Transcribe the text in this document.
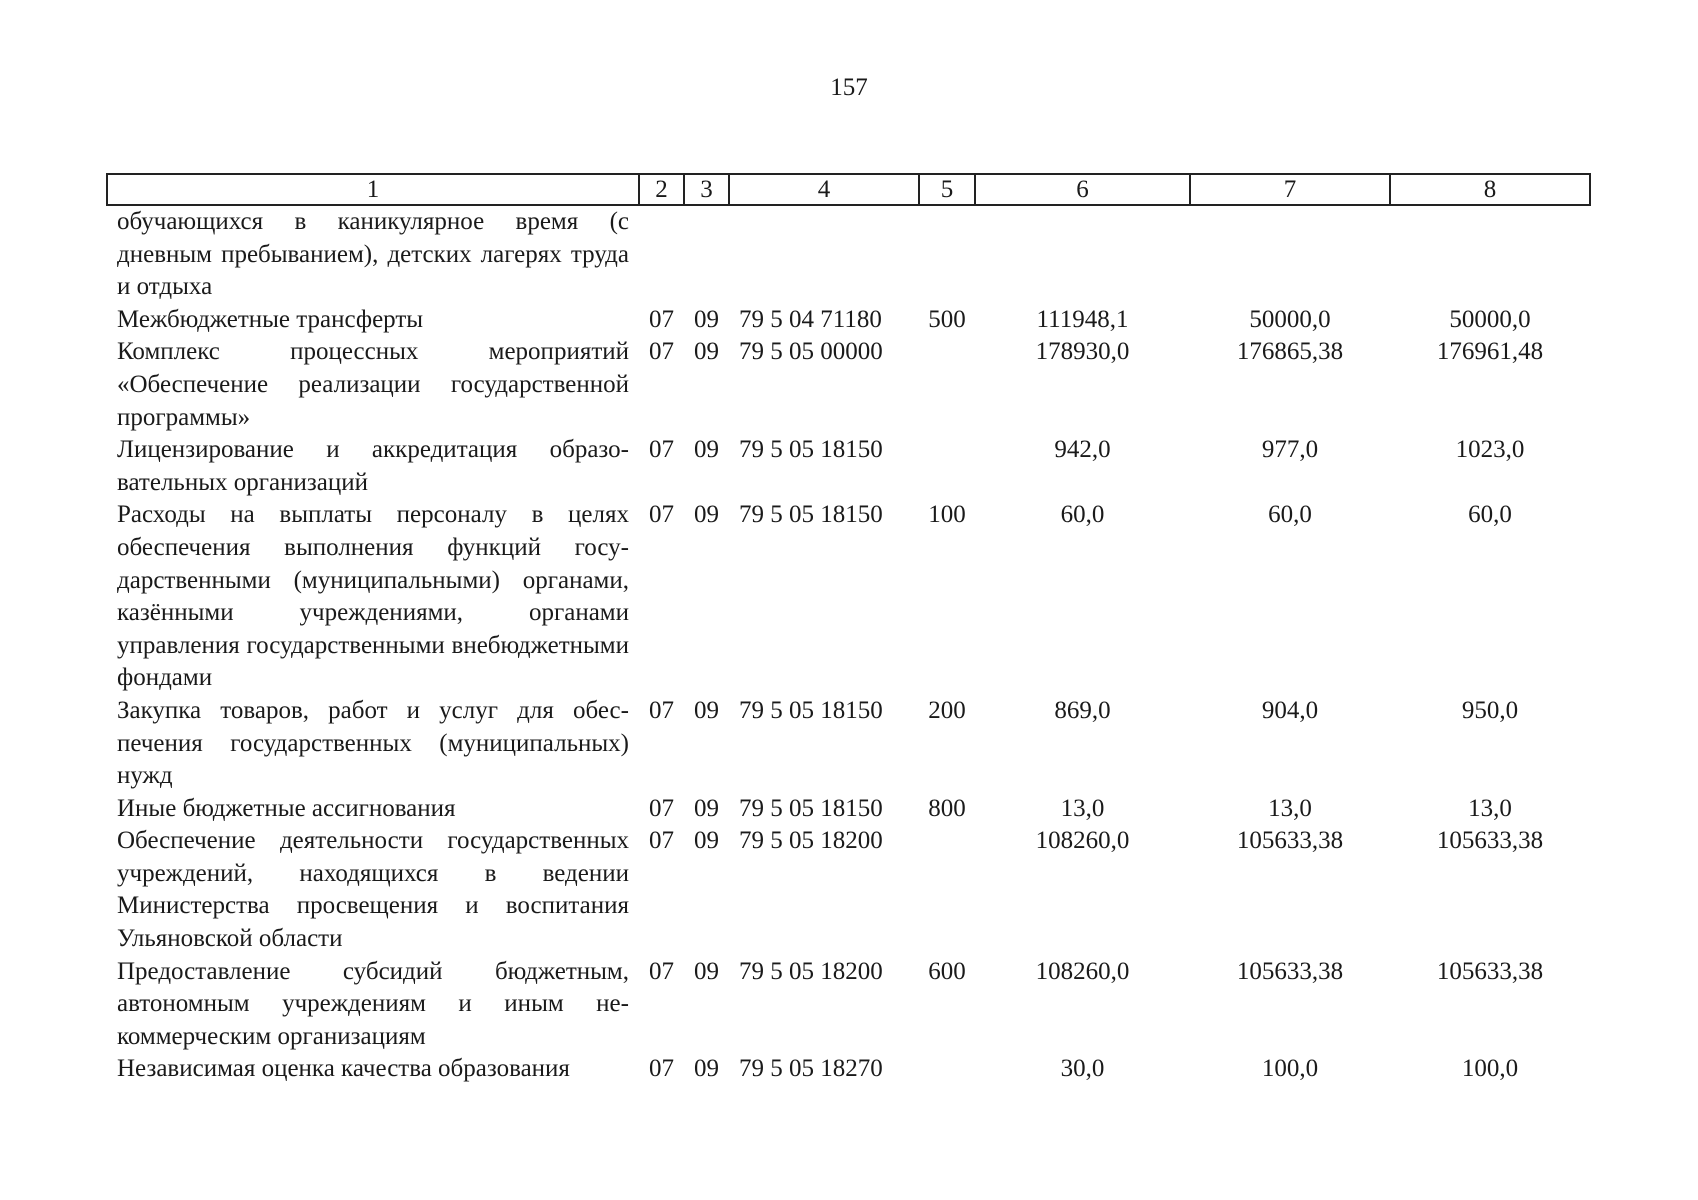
157
1	2	3	4	5	6	7	8
обучающихся в каникулярное время (с дневным пребыванием), детских лагерях труда и отдыха							
Межбюджетные трансферты	07	09	79 5 04 71180	500	111948,1	50000,0	50000,0
Комплекс процессных мероприятий «Обеспечение реализации государственной программы»	07	09	79 5 05 00000		178930,0	176865,38	176961,48
Лицензирование и аккредитация образовательных организаций	07	09	79 5 05 18150		942,0	977,0	1023,0
Расходы на выплаты персоналу в целях обеспечения выполнения функций государственными (муниципальными) органами, казёнными учреждениями, органами управления государственными внебюджетными фондами	07	09	79 5 05 18150	100	60,0	60,0	60,0
Закупка товаров, работ и услуг для обеспечения государственных (муниципальных) нужд	07	09	79 5 05 18150	200	869,0	904,0	950,0
Иные бюджетные ассигнования	07	09	79 5 05 18150	800	13,0	13,0	13,0
Обеспечение деятельности государственных учреждений, находящихся в ведении Министерства просвещения и воспитания Ульяновской области	07	09	79 5 05 18200		108260,0	105633,38	105633,38
Предоставление субсидий бюджетным, автономным учреждениям и иным некоммерческим организациям	07	09	79 5 05 18200	600	108260,0	105633,38	105633,38
Независимая оценка качества образования	07	09	79 5 05 18270		30,0	100,0	100,0
